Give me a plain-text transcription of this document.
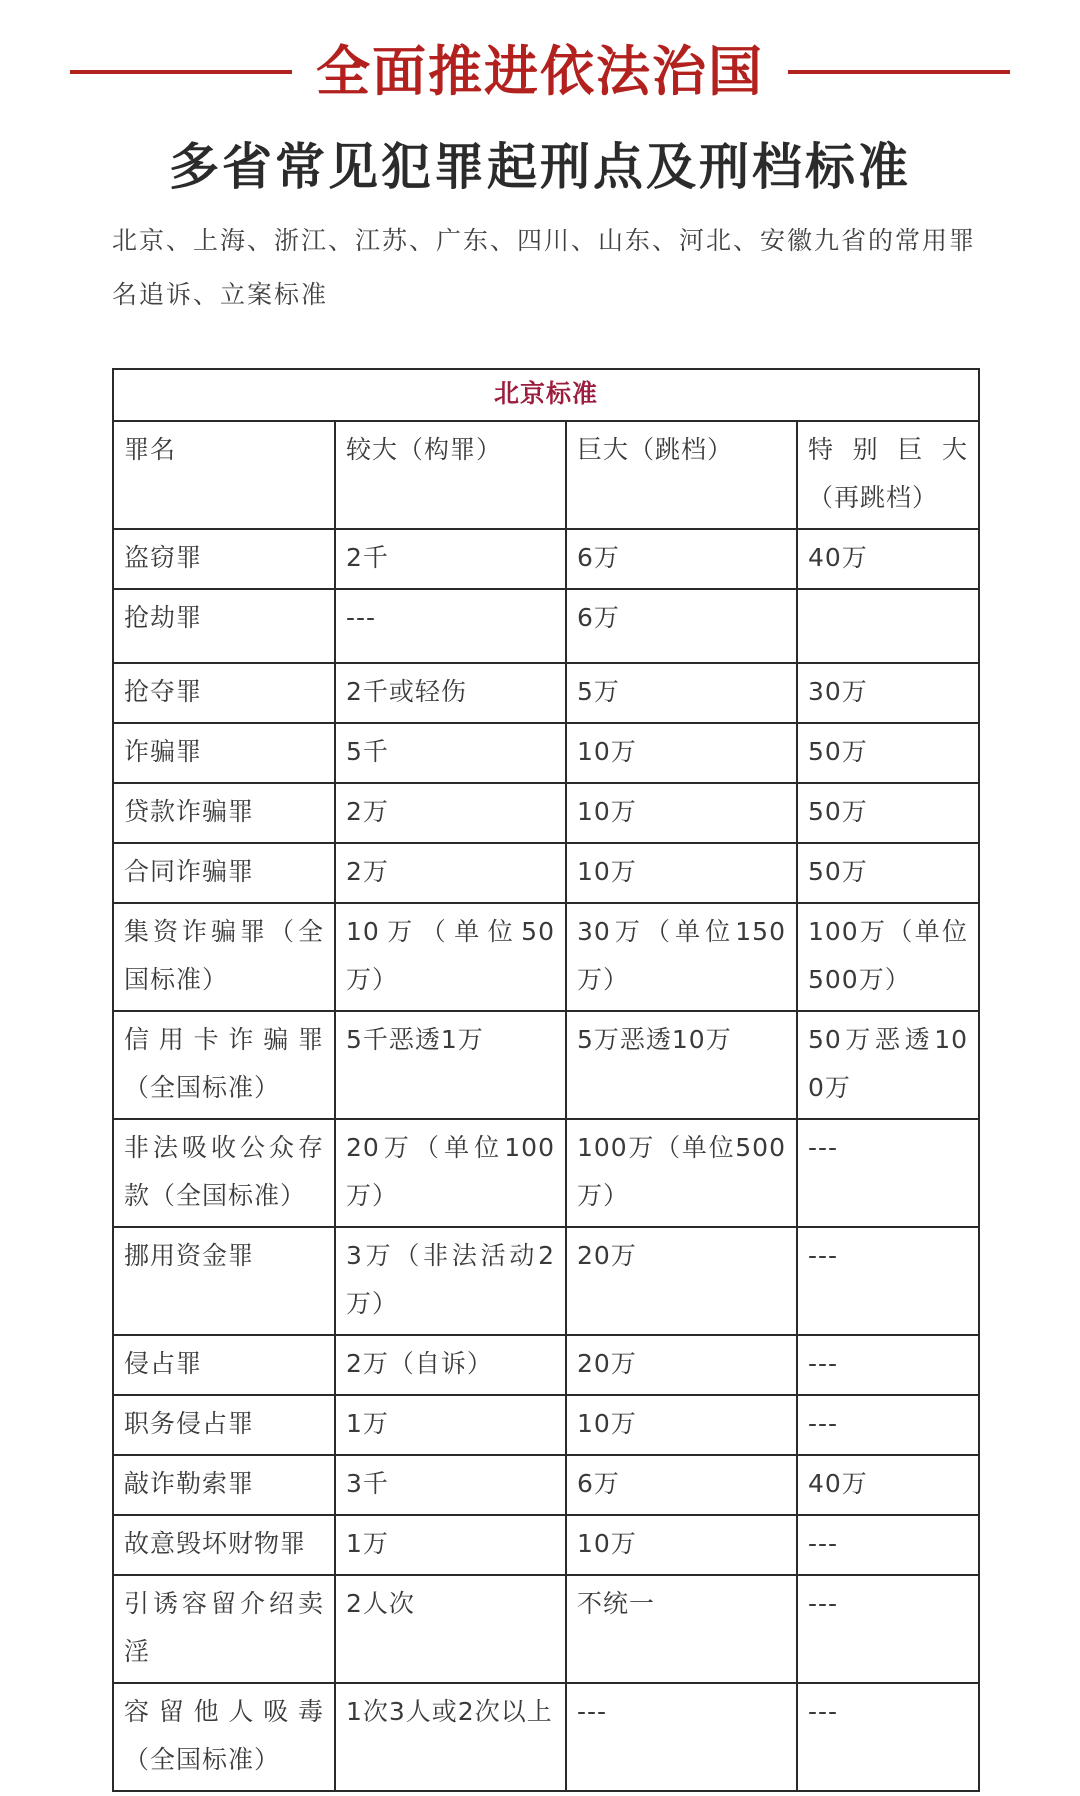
全面推进依法治国
多省常见犯罪起刑点及刑档标准
北京、上海、浙江、江苏、广东、四川、山东、河北、安徽九省的常用罪名追诉、立案标准
北京标准			
罪名	较大（构罪）	巨大（跳档）	特 别 巨 大（再跳档）
盗窃罪	2千	6万	40万
抢劫罪	---	6万	
抢夺罪	2千或轻伤	5万	30万
诈骗罪	5千	10万	50万
贷款诈骗罪	2万	10万	50万
合同诈骗罪	2万	10万	50万
集资诈骗罪（全国标准）	10万（单位50万）	30万（单位150万）	100万（单位500万）
信用卡诈骗罪（全国标准）	5千恶透1万	5万恶透10万	50万恶透100万
非法吸收公众存款（全国标准）	20万（单位100万）	100万（单位500万）	---
挪用资金罪	3万（非法活动2万）	20万	---
侵占罪	2万（自诉）	20万	---
职务侵占罪	1万	10万	---
敲诈勒索罪	3千	6万	40万
故意毁坏财物罪	1万	10万	---
引诱容留介绍卖淫	2人次	不统一	---
容留他人吸毒（全国标准）	1次3人或2次以上	---	---
